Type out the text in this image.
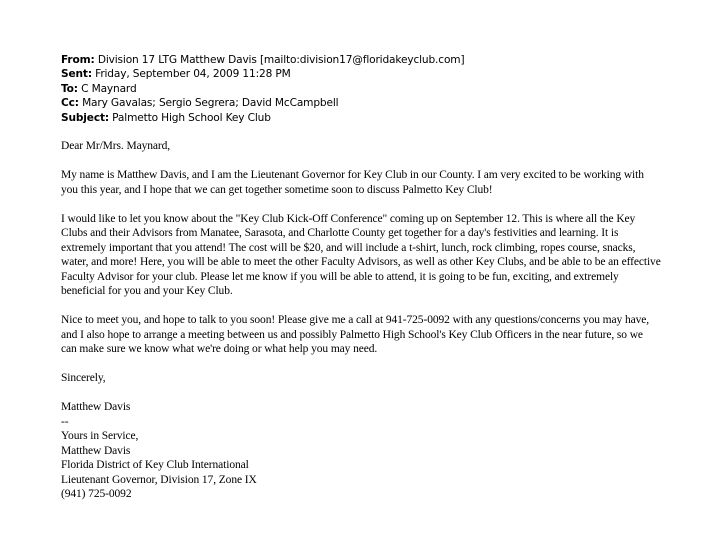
From: Division 17 LTG Matthew Davis [mailto:division17@floridakeyclub.com]
Sent: Friday, September 04, 2009 11:28 PM
To: C Maynard
Cc: Mary Gavalas; Sergio Segrera; David McCampbell
Subject: Palmetto High School Key Club

Dear Mr/Mrs. Maynard,

My name is Matthew Davis, and I am the Lieutenant Governor for Key Club in our County. I am very excited to be working with you this year, and I hope that we can get together sometime soon to discuss Palmetto Key Club!

I would like to let you know about the "Key Club Kick-Off Conference" coming up on September 12. This is where all the Key Clubs and their Advisors from Manatee, Sarasota, and Charlotte County get together for a day's festivities and learning. It is extremely important that you attend! The cost will be $20, and will include a t-shirt, lunch, rock climbing, ropes course, snacks, water, and more! Here, you will be able to meet the other Faculty Advisors, as well as other Key Clubs, and be able to be an effective Faculty Advisor for your club. Please let me know if you will be able to attend, it is going to be fun, exciting, and extremely beneficial for you and your Key Club.

Nice to meet you, and hope to talk to you soon! Please give me a call at 941-725-0092 with any questions/concerns you may have, and I also hope to arrange a meeting between us and possibly Palmetto High School's Key Club Officers in the near future, so we can make sure we know what we're doing or what help you may need.

Sincerely,

Matthew Davis
--
Yours in Service,
Matthew Davis
Florida District of Key Club International
Lieutenant Governor, Division 17, Zone IX
(941) 725-0092
